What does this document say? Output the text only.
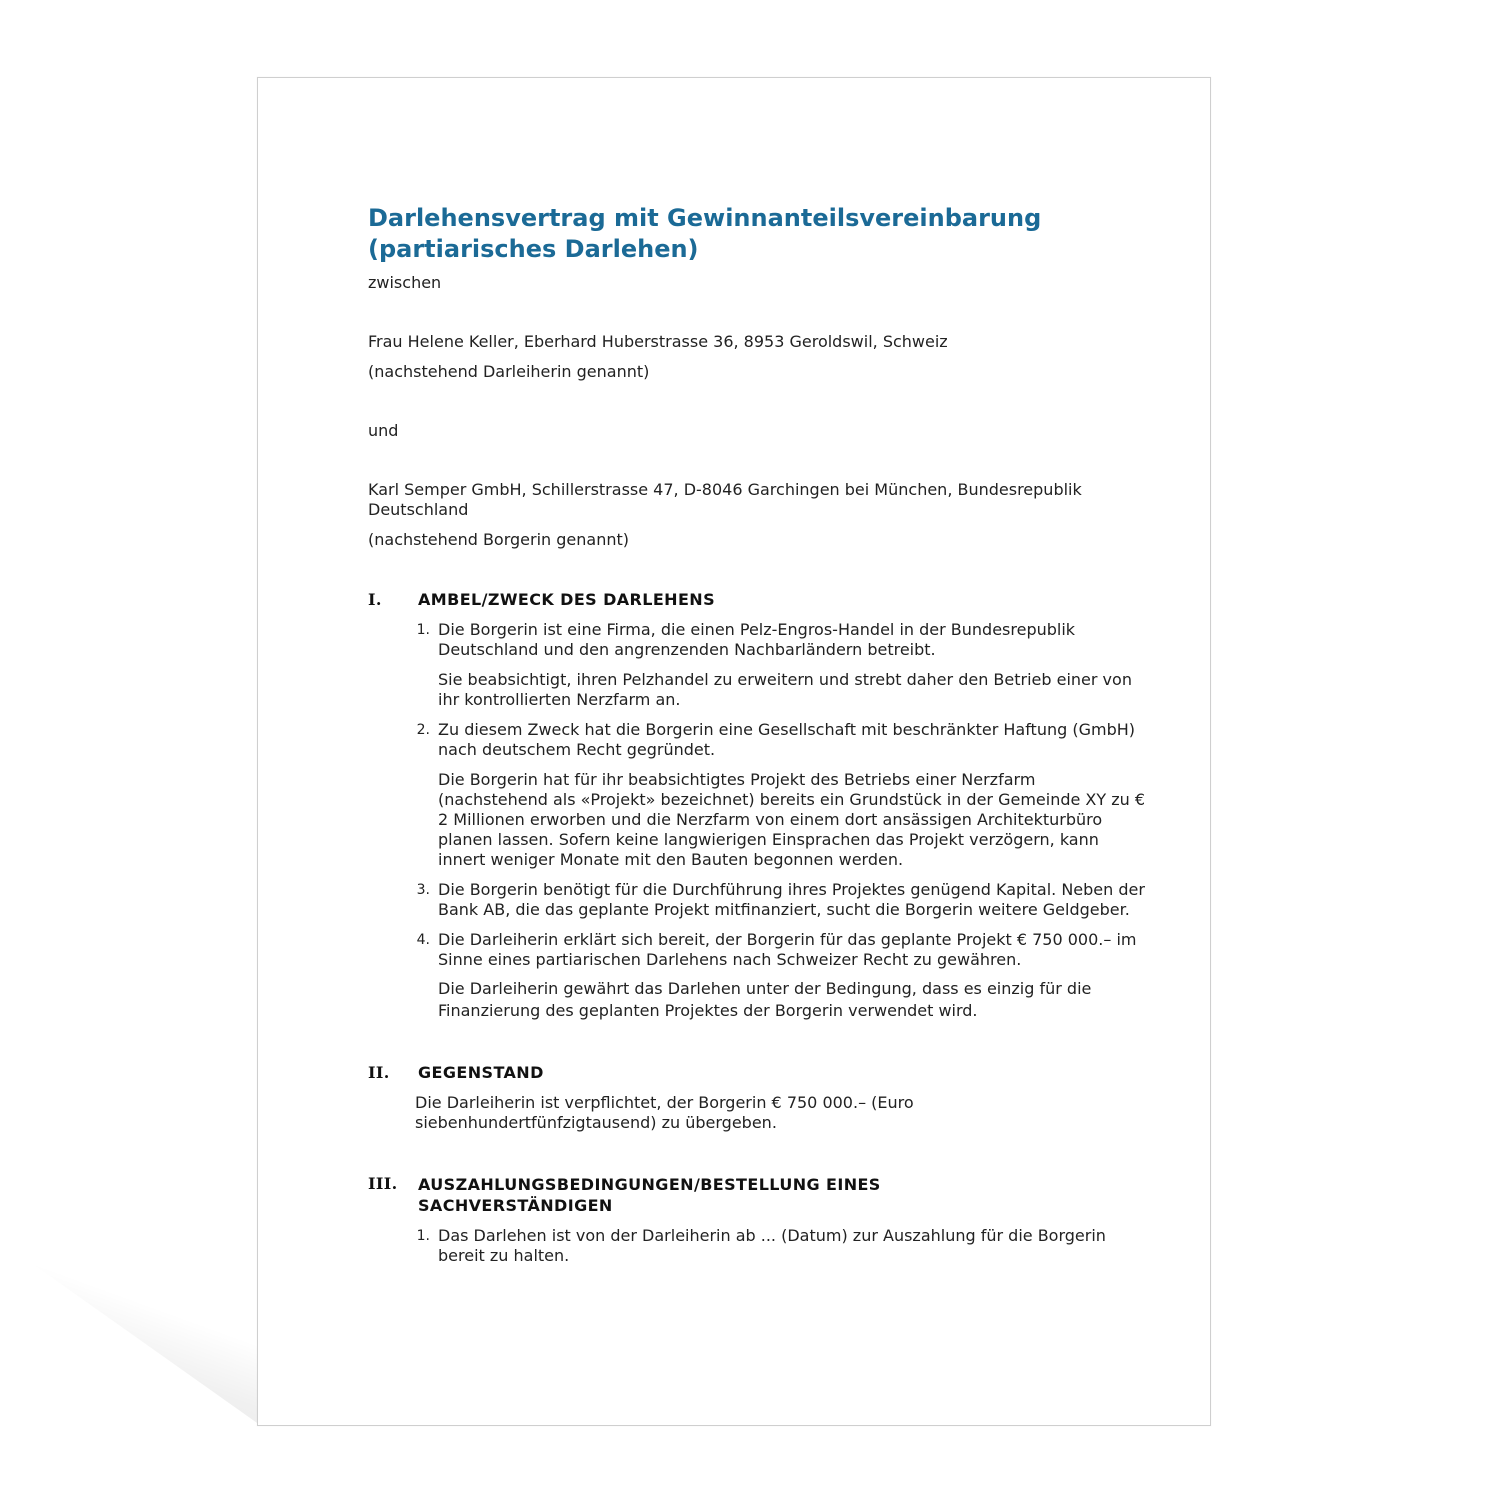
Darlehensvertrag mit Gewinnanteilsvereinbarung
(partiarisches Darlehen)

zwischen

Frau Helene Keller, Eberhard Huberstrasse 36, 8953 Geroldswil, Schweiz

(nachstehend Darleiherin genannt)

und

Karl Semper GmbH, Schillerstrasse 47, D-8046 Garchingen bei München, Bundesrepublik Deutschland

(nachstehend Borgerin genannt)

I.	AMBEL/ZWECK DES DARLEHENS
1. Die Borgerin ist eine Firma, die einen Pelz-Engros-Handel in der Bundesrepublik Deutschland und den angrenzenden Nachbarländern betreibt.

Sie beabsichtigt, ihren Pelzhandel zu erweitern und strebt daher den Betrieb einer von ihr kontrollierten Nerzfarm an.

2. Zu diesem Zweck hat die Borgerin eine Gesellschaft mit beschränkter Haftung (GmbH) nach deutschem Recht gegründet.

Die Borgerin hat für ihr beabsichtigtes Projekt des Betriebs einer Nerzfarm (nachstehend als «Projekt» bezeichnet) bereits ein Grundstück in der Gemeinde XY zu € 2 Millionen erworben und die Nerzfarm von einem dort ansässigen Architekturbüro planen lassen. Sofern keine langwierigen Einsprachen das Projekt verzögern, kann innert weniger Monate mit den Bauten begonnen werden.

3. Die Borgerin benötigt für die Durchführung ihres Projektes genügend Kapital. Neben der Bank AB, die das geplante Projekt mitfinanziert, sucht die Borgerin weitere Geldgeber.

4. Die Darleiherin erklärt sich bereit, der Borgerin für das geplante Projekt € 750 000.– im Sinne eines partiarischen Darlehens nach Schweizer Recht zu gewähren.

Die Darleiherin gewährt das Darlehen unter der Bedingung, dass es einzig für die Finanzierung des geplanten Projektes der Borgerin verwendet wird.

II.	GEGENSTAND

Die Darleiherin ist verpflichtet, der Borgerin € 750 000.– (Euro siebenhundertfünfzigtausend) zu übergeben.

III.	AUSZAHLUNGSBEDINGUNGEN/BESTELLUNG EINES SACHVERSTÄNDIGEN
1. Das Darlehen ist von der Darleiherin ab ... (Datum) zur Auszahlung für die Borgerin bereit zu halten.
